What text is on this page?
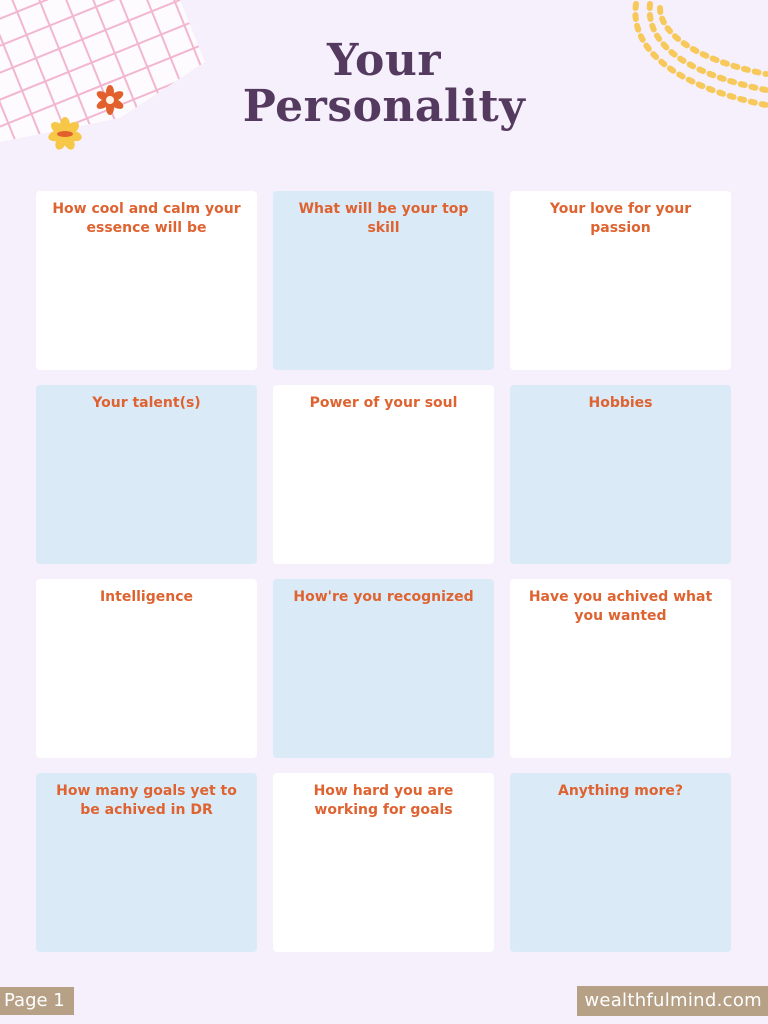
Your
Personality
How cool and calm your essence will be
What will be your top skill
Your love for your passion
Your talent(s)	Power of your soul	Hobbies
Intelligence	How're you recognized	Have you achived what you wanted
How many goals yet to be achived in DR
How hard you are working for goals
Anything more?
Page 1	wealthfulmind.com
